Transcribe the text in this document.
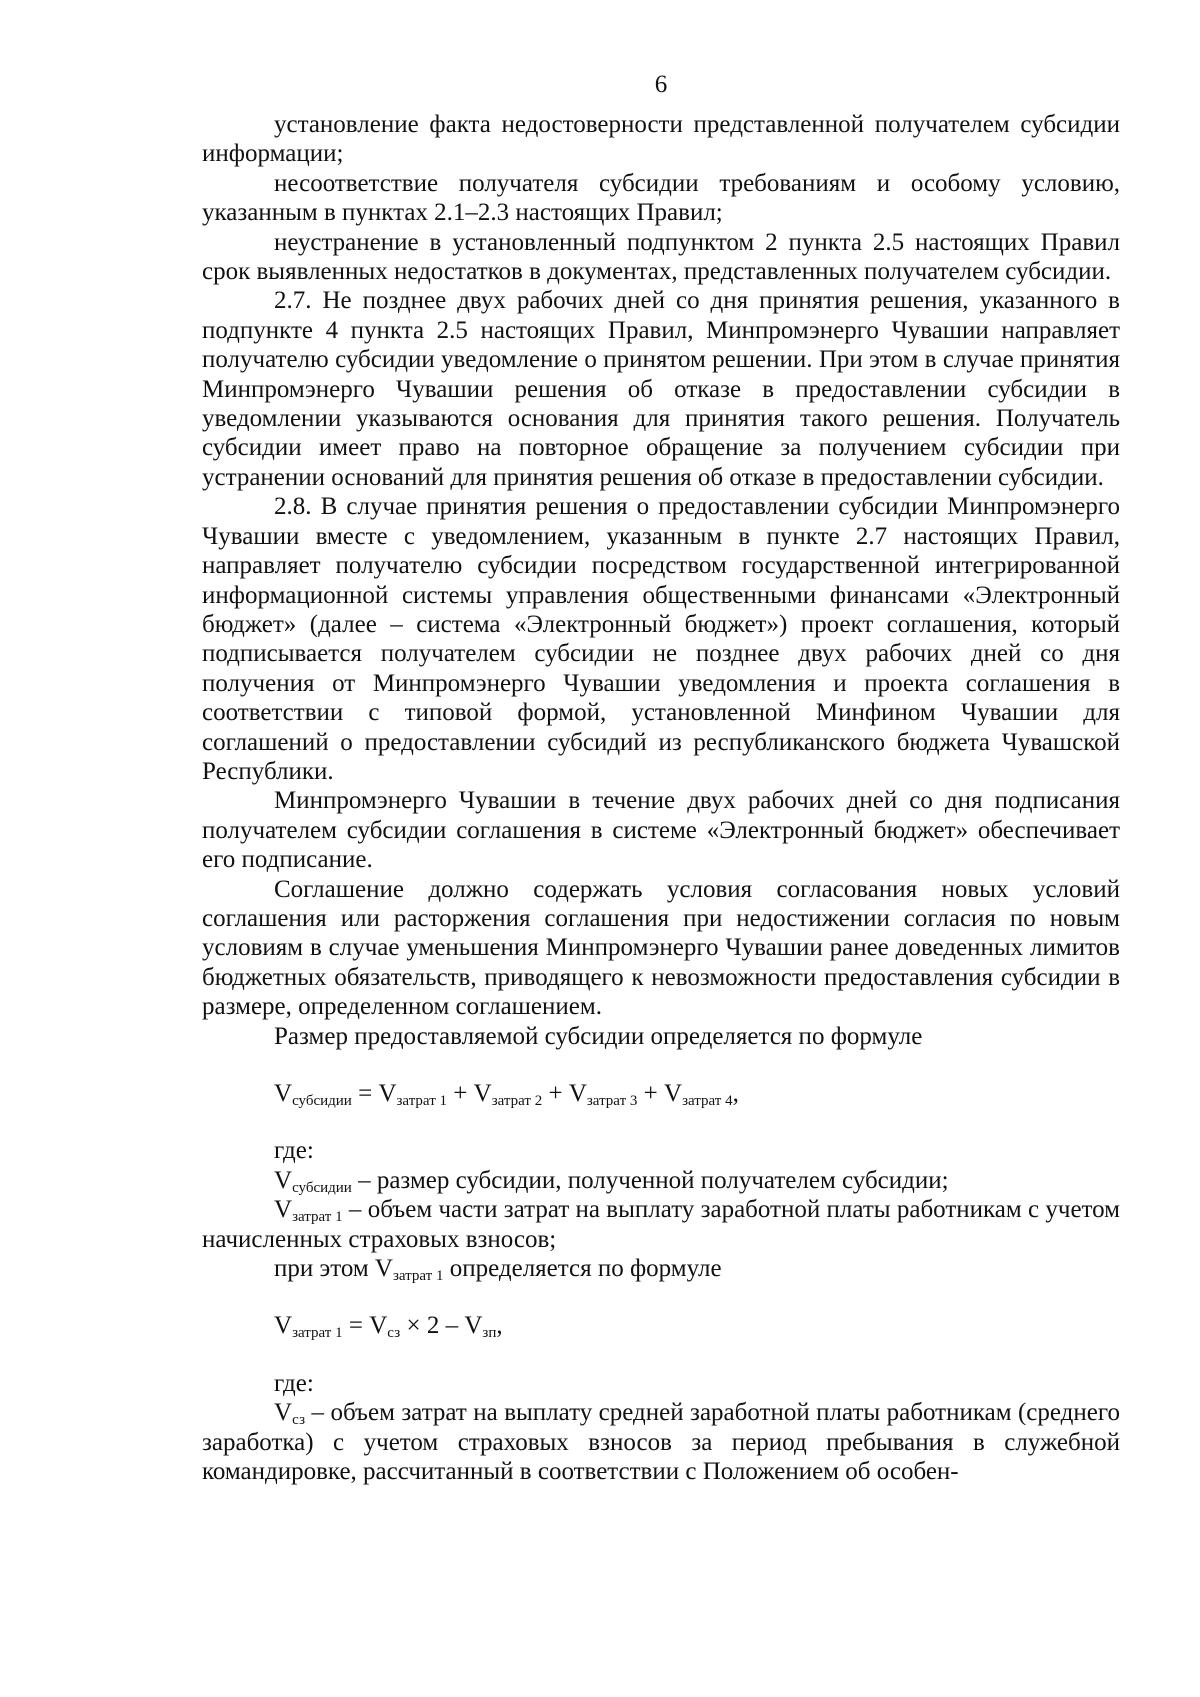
6

установление факта недостоверности представленной получателем субсидии информации;

несоответствие получателя субсидии требованиям и особому условию, указанным в пунктах 2.1–2.3 настоящих Правил;

неустранение в установленный подпунктом 2 пункта 2.5 настоящих Правил срок выявленных недостатков в документах, представленных получателем субсидии.

2.7. Не позднее двух рабочих дней со дня принятия решения, указанного в подпункте 4 пункта 2.5 настоящих Правил, Минпромэнерго Чувашии направляет получателю субсидии уведомление о принятом решении. При этом в случае принятия Минпромэнерго Чувашии решения об отказе в предоставлении субсидии в уведомлении указываются основания для принятия такого решения. Получатель субсидии имеет право на повторное обращение за получением субсидии при устранении оснований для принятия решения об отказе в предоставлении субсидии.

2.8. В случае принятия решения о предоставлении субсидии Минпромэнерго Чувашии вместе с уведомлением, указанным в пункте 2.7 настоящих Правил, направляет получателю субсидии посредством государственной интегрированной информационной системы управления общественными финансами «Электронный бюджет» (далее – система «Электронный бюджет») проект соглашения, который подписывается получателем субсидии не позднее двух рабочих дней со дня получения от Минпромэнерго Чувашии уведомления и проекта соглашения в соответствии с типовой формой, установленной Минфином Чувашии для соглашений о предоставлении субсидий из республиканского бюджета Чувашской Республики.

Минпромэнерго Чувашии в течение двух рабочих дней со дня подписания получателем субсидии соглашения в системе «Электронный бюджет» обеспечивает его подписание.

Соглашение должно содержать условия согласования новых условий соглашения или расторжения соглашения при недостижении согласия по новым условиям в случае уменьшения Минпромэнерго Чувашии ранее доведенных лимитов бюджетных обязательств, приводящего к невозможности предоставления субсидии в размере, определенном соглашением.

Размер предоставляемой субсидии определяется по формуле

$V_{субсидии} = V_{затрат 1} + V_{затрат 2} + V_{затрат 3} + V_{затрат 4}$,

где:

$V_{субсидии}$ – размер субсидии, полученной получателем субсидии;

$V_{затрат 1}$ – объем части затрат на выплату заработной платы работникам с учетом начисленных страховых взносов;

при этом $V_{затрат 1}$ определяется по формуле

$V_{затрат 1} = V_{сз} \times 2 - V_{зп}$,

где:

$V_{сз}$ – объем затрат на выплату средней заработной платы работникам (среднего заработка) с учетом страховых взносов за период пребывания в служебной командировке, рассчитанный в соответствии с Положением об особен-
